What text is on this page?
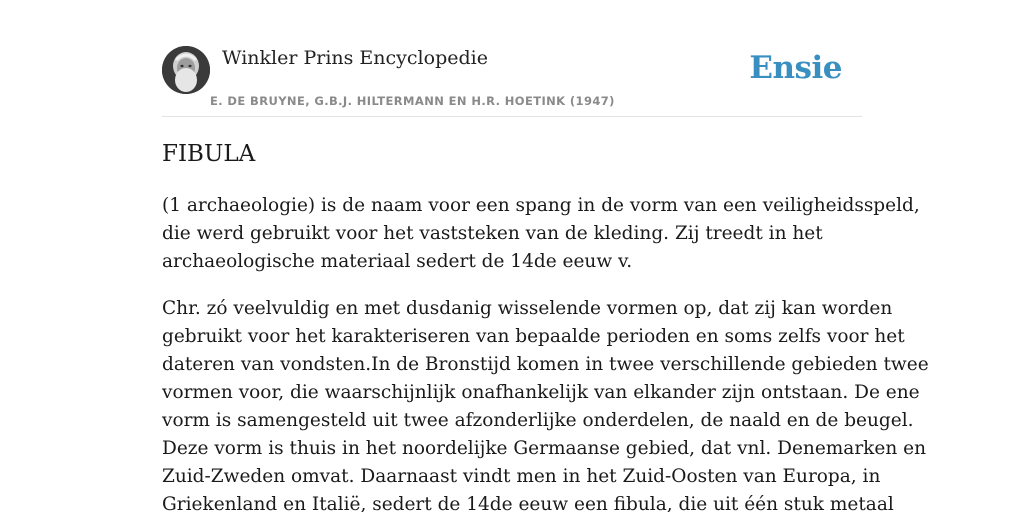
Winkler Prins Encyclopedie
E. DE BRUYNE, G.B.J. HILTERMANN EN H.R. HOETINK (1947)
Ensie
FIBULA

(1 archaeologie) is de naam voor een spang in de vorm van een veiligheidsspeld,
die werd gebruikt voor het vaststeken van de kleding. Zij treedt in het
archaeologische materiaal sedert de 14de eeuw v.

Chr. zó veelvuldig en met dusdanig wisselende vormen op, dat zij kan worden
gebruikt voor het karakteriseren van bepaalde perioden en soms zelfs voor het
dateren van vondsten.In de Bronstijd komen in twee verschillende gebieden twee
vormen voor, die waarschijnlijk onafhankelijk van elkander zijn ontstaan. De ene
vorm is samengesteld uit twee afzonderlijke onderdelen, de naald en de beugel.
Deze vorm is thuis in het noordelijke Germaanse gebied, dat vnl. Denemarken en
Zuid-Zweden omvat. Daarnaast vindt men in het Zuid-Oosten van Europa, in
Griekenland en Italië, sedert de 14de eeuw een fibula, die uit één stuk metaal
